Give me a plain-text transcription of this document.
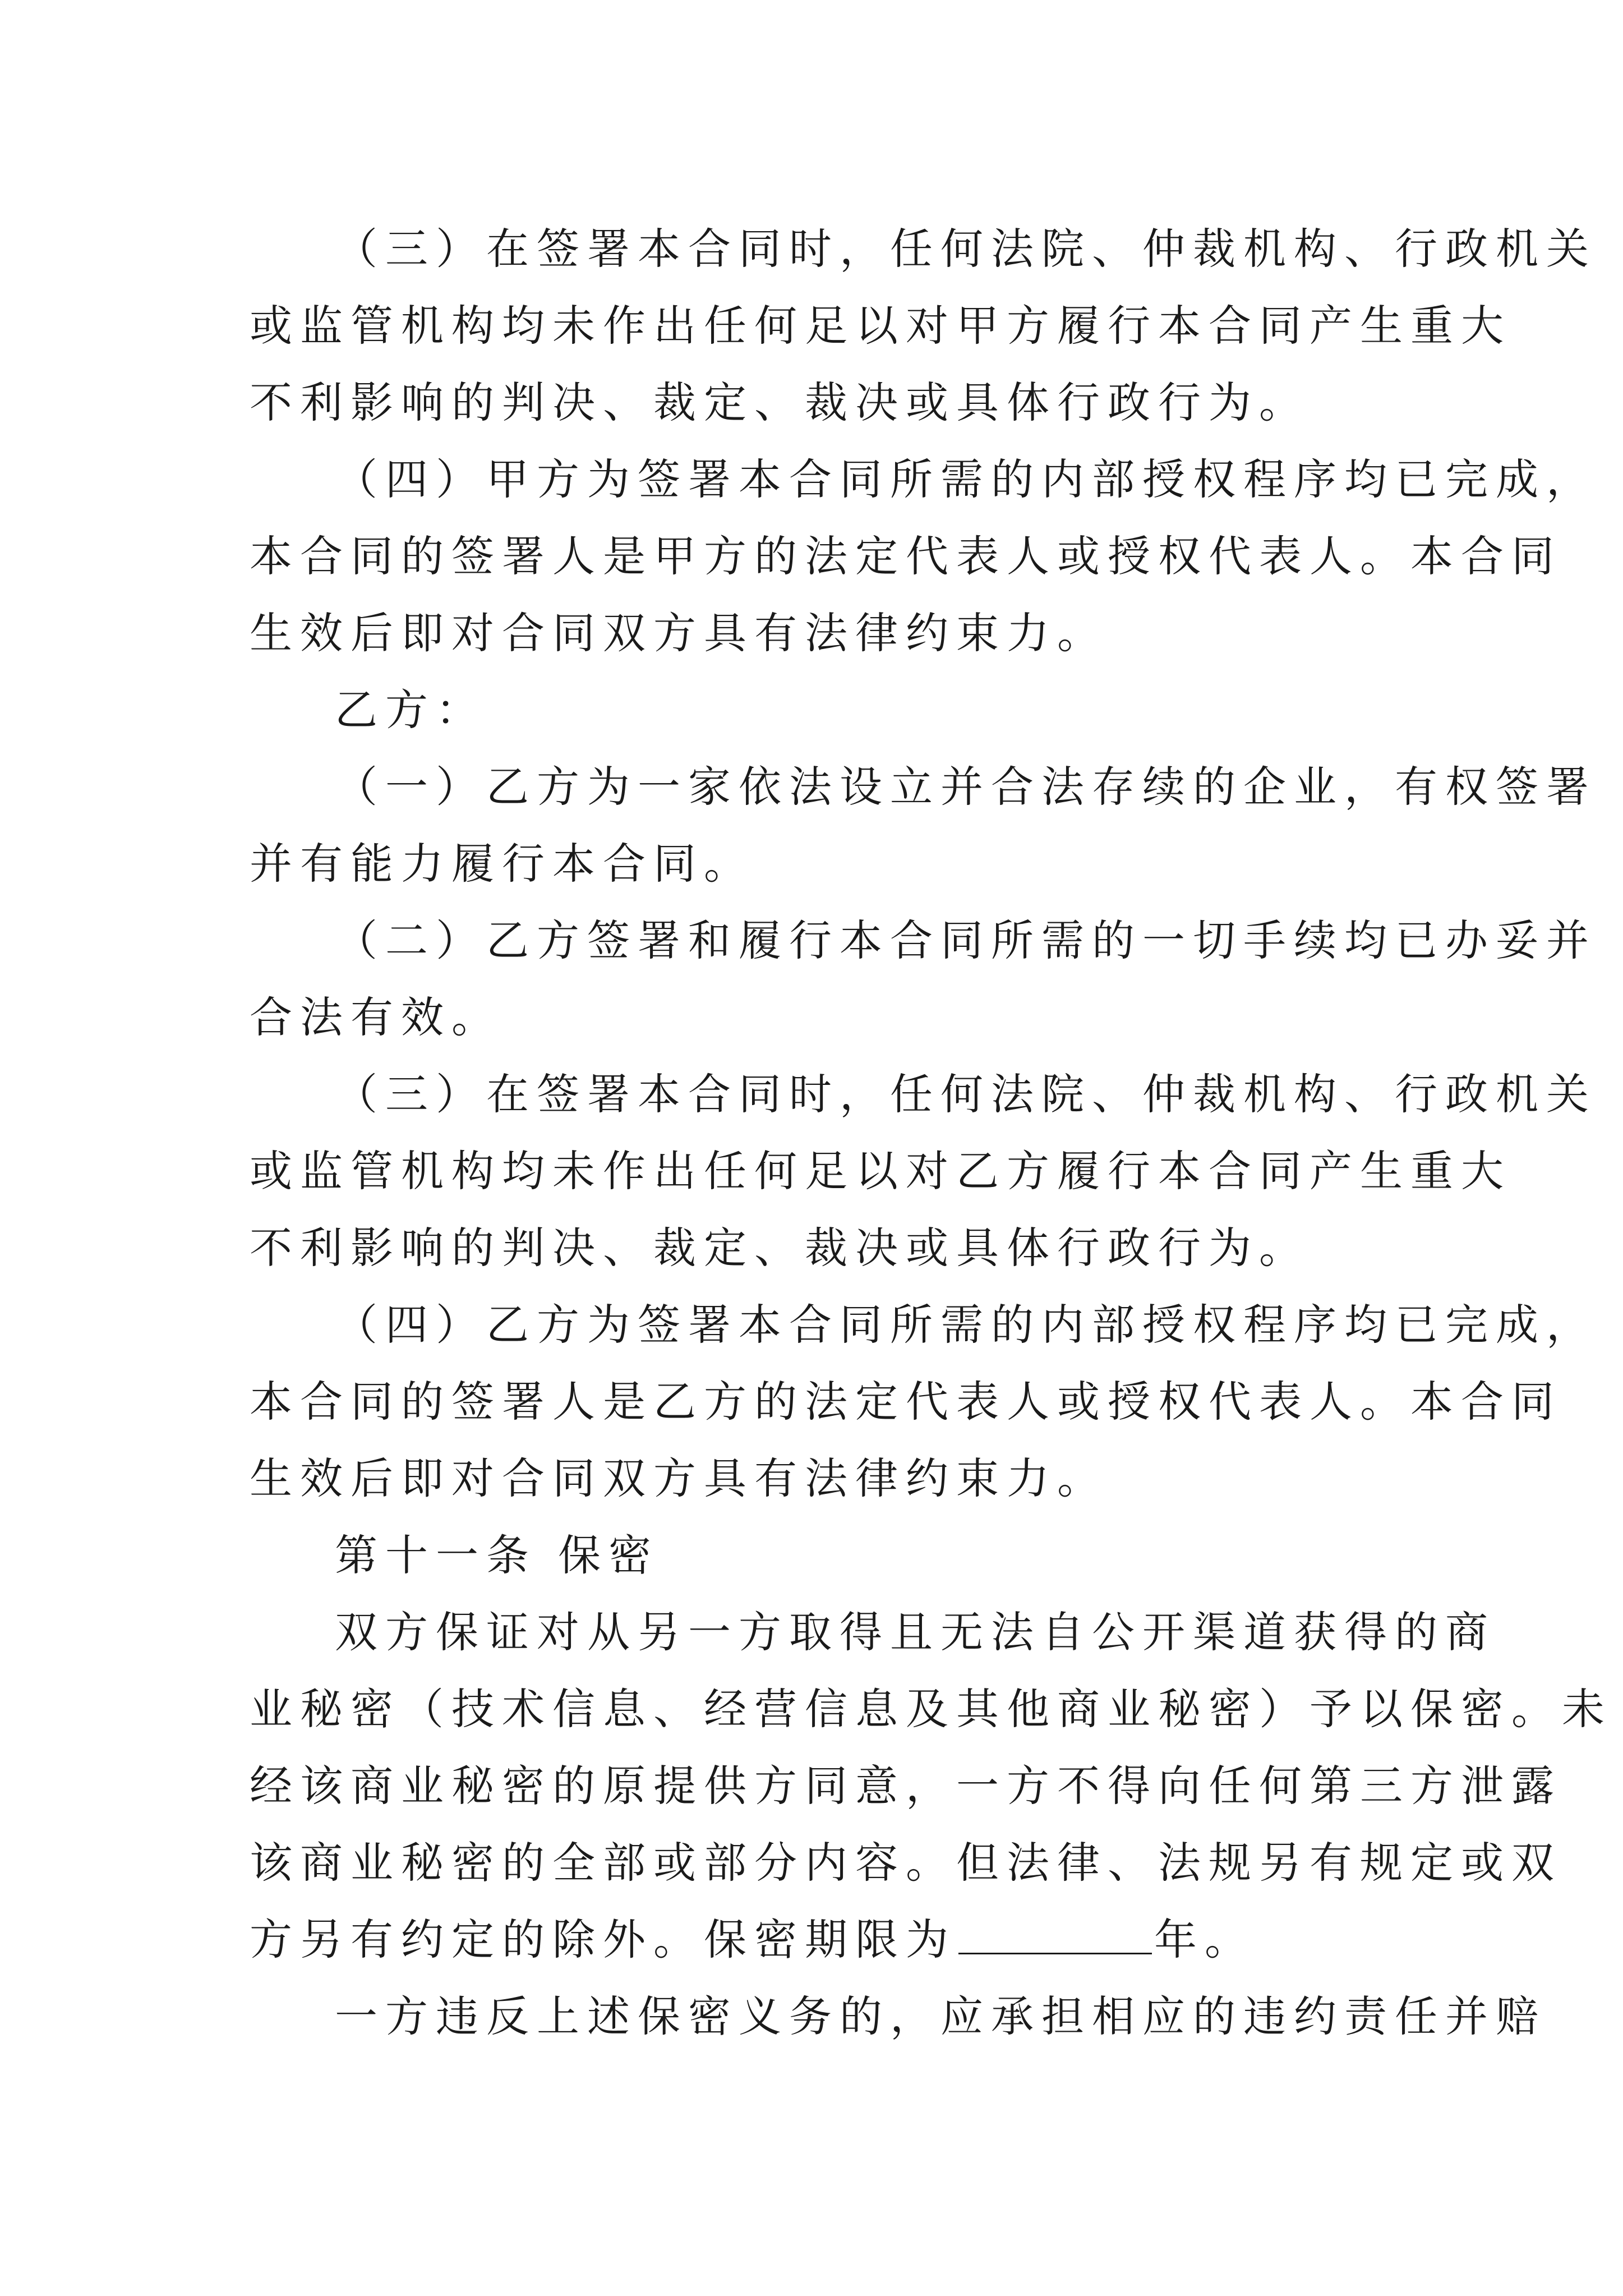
（三）在签署本合同时，任何法院、仲裁机构、行政机关
或监管机构均未作出任何足以对甲方履行本合同产生重大
不利影响的判决、裁定、裁决或具体行政行为。
（四）甲方为签署本合同所需的内部授权程序均已完成，
本合同的签署人是甲方的法定代表人或授权代表人。本合同
生效后即对合同双方具有法律约束力。
乙方：
（一）乙方为一家依法设立并合法存续的企业，有权签署
并有能力履行本合同。
（二）乙方签署和履行本合同所需的一切手续均已办妥并
合法有效。
（三）在签署本合同时，任何法院、仲裁机构、行政机关
或监管机构均未作出任何足以对乙方履行本合同产生重大
不利影响的判决、裁定、裁决或具体行政行为。
（四）乙方为签署本合同所需的内部授权程序均已完成，
本合同的签署人是乙方的法定代表人或授权代表人。本合同
生效后即对合同双方具有法律约束力。
第十一条 保密
双方保证对从另一方取得且无法自公开渠道获得的商
业秘密（技术信息、经营信息及其他商业秘密）予以保密。未
经该商业秘密的原提供方同意，一方不得向任何第三方泄露
该商业秘密的全部或部分内容。但法律、法规另有规定或双
方另有约定的除外。保密期限为	年。
一方违反上述保密义务的，应承担相应的违约责任并赔
